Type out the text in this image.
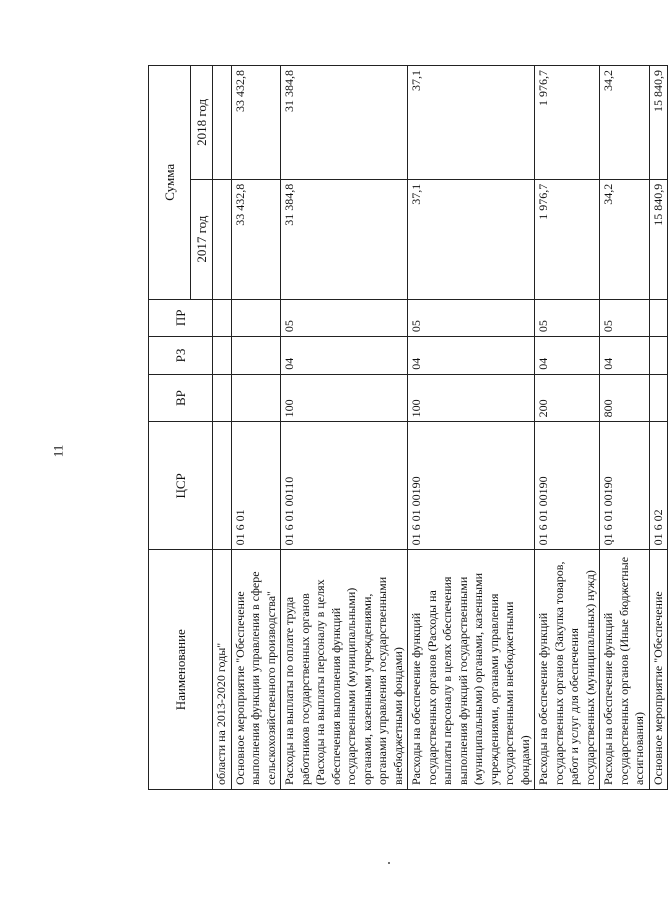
11
Наименование	ЦСР	ВР	РЗ	ПР	Сумма	
					2017 год	2018 год
области на 2013-2020 годы"						
Основное мероприятие "Обеспечение выполнения функции управления в сфере сельскохозяйственного производства"	01 6 01				33 432,8	33 432,8
Расходы на выплаты по оплате труда работников государственных органов (Расходы на выплаты персоналу в целях обеспечения выполнения функций государственными (муниципальными) органами, казенными учреждениями, органами управления государственными внебюджетными фондами)	01 6 01 00110	100	04	05	31 384,8	31 384,8
Расходы на обеспечение функций государственных органов (Расходы на выплаты персоналу в целях обеспечения выполнения функций государственными (муниципальными) органами, казенными учреждениями, органами управления государственными внебюджетными фондами)	01 6 01 00190	100	04	05	37,1	37,1
Расходы на обеспечение функций государственных органов (Закупка товаров, работ и услуг для обеспечения государственных (муниципальных) нужд)	01 6 01 00190	200	04	05	1 976,7	1 976,7
Расходы на обеспечение функций государственных органов (Иные бюджетные ассигнования)	01 6 01 00190	800	04	05	34,2	34,2
Основное мероприятие "Обеспечение	01 6 02				15 840,9	15 840,9
